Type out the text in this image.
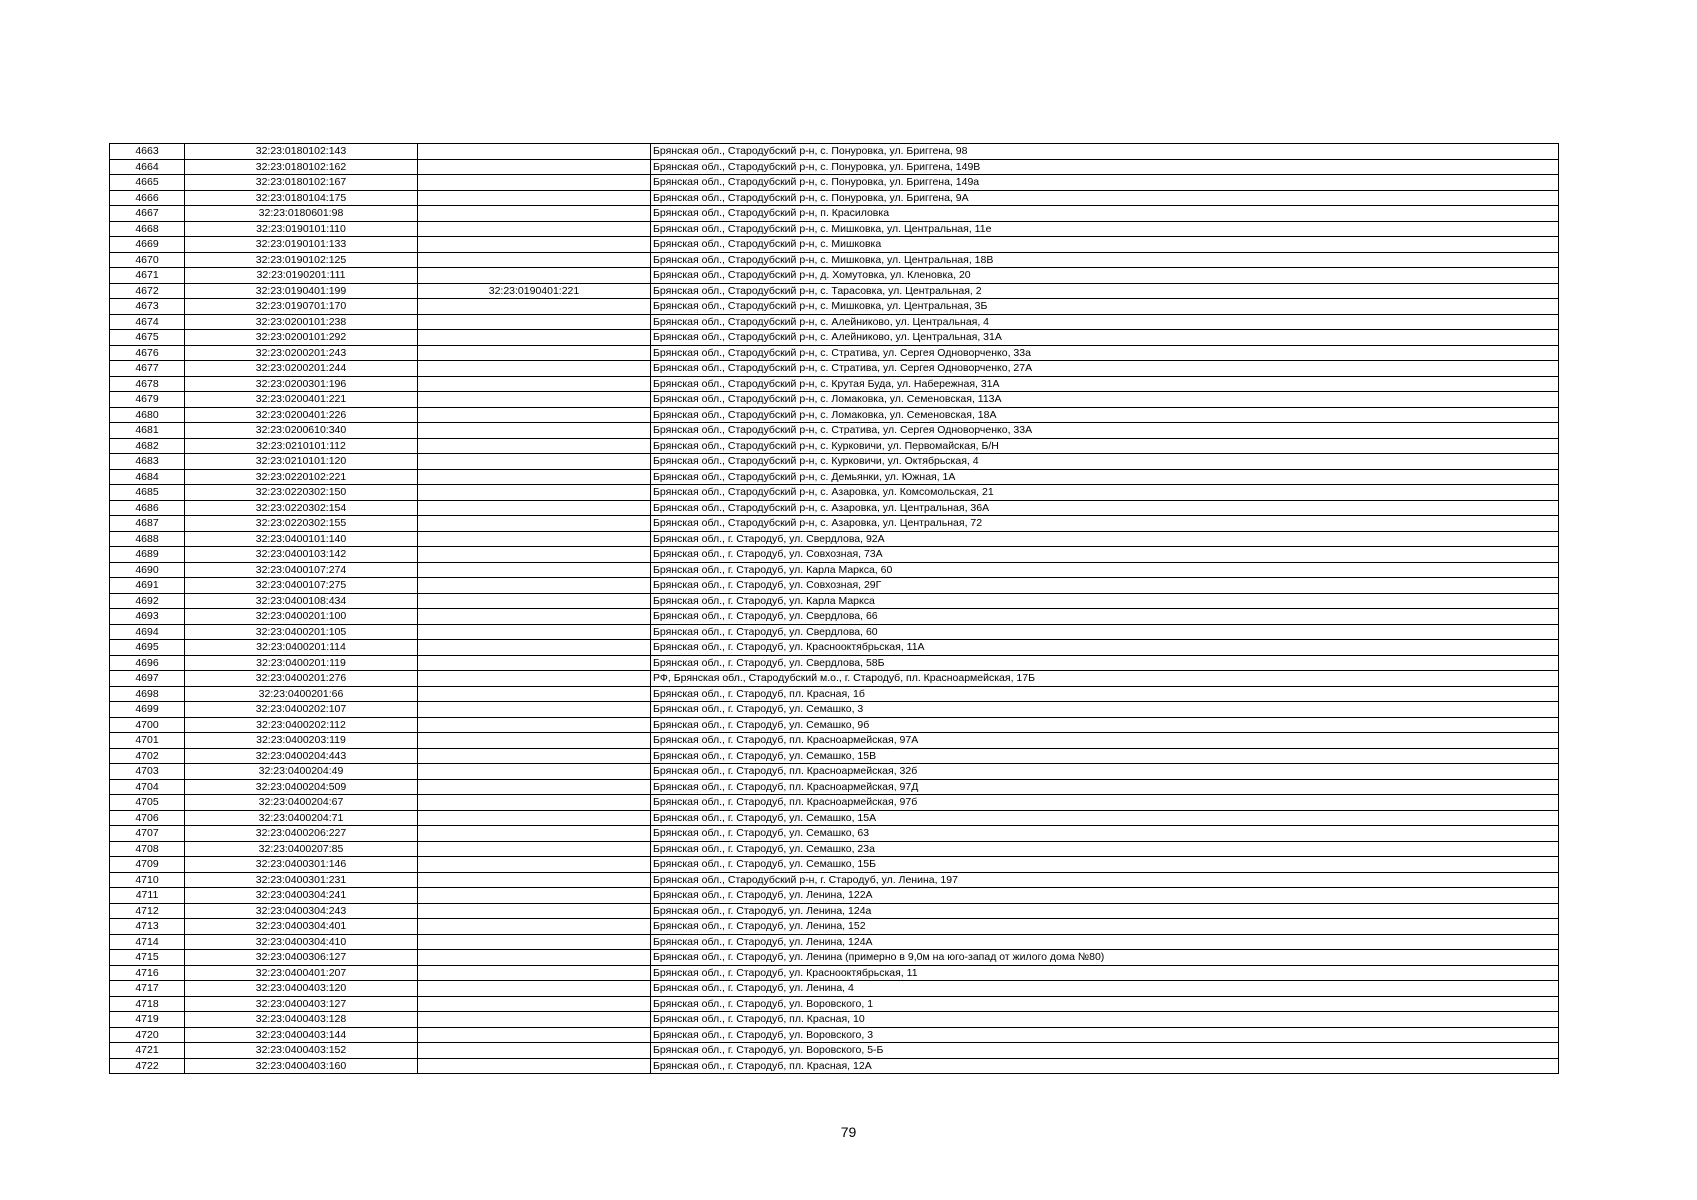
4663	32:23:0180102:143		Брянская обл., Стародубский р-н, с. Понуровка, ул. Бриггена, 98
4664	32:23:0180102:162		Брянская обл., Стародубский р-н, с. Понуровка, ул. Бриггена, 149В
4665	32:23:0180102:167		Брянская обл., Стародубский р-н, с. Понуровка, ул. Бриггена, 149а
4666	32:23:0180104:175		Брянская обл., Стародубский р-н, с. Понуровка, ул. Бриггена, 9А
4667	32:23:0180601:98		Брянская обл., Стародубский р-н, п. Красиловка
4668	32:23:0190101:110		Брянская обл., Стародубский р-н, с. Мишковка, ул. Центральная, 11е
4669	32:23:0190101:133		Брянская обл., Стародубский р-н, с. Мишковка
4670	32:23:0190102:125		Брянская обл., Стародубский р-н, с. Мишковка, ул. Центральная, 18В
4671	32:23:0190201:111		Брянская обл., Стародубский р-н, д. Хомутовка, ул. Кленовка, 20
4672	32:23:0190401:199	32:23:0190401:221	Брянская обл., Стародубский р-н, с. Тарасовка, ул. Центральная, 2
4673	32:23:0190701:170		Брянская обл., Стародубский р-н, с. Мишковка, ул. Центральная, 3Б
4674	32:23:0200101:238		Брянская обл., Стародубский р-н, с. Алейниково, ул. Центральная, 4
4675	32:23:0200101:292		Брянская обл., Стародубский р-н, с. Алейниково, ул. Центральная, 31А
4676	32:23:0200201:243		Брянская обл., Стародубский р-н, с. Стратива, ул. Сергея Одноворченко, 33а
4677	32:23:0200201:244		Брянская обл., Стародубский р-н, с. Стратива, ул. Сергея Одноворченко, 27А
4678	32:23:0200301:196		Брянская обл., Стародубский р-н, с. Крутая Буда, ул. Набережная, 31А
4679	32:23:0200401:221		Брянская обл., Стародубский р-н, с. Ломаковка, ул. Семеновская, 113А
4680	32:23:0200401:226		Брянская обл., Стародубский р-н, с. Ломаковка, ул. Семеновская, 18А
4681	32:23:0200610:340		Брянская обл., Стародубский р-н, с. Стратива, ул. Сергея Одноворченко, 33А
4682	32:23:0210101:112		Брянская обл., Стародубский р-н, с. Курковичи, ул. Первомайская, Б/Н
4683	32:23:0210101:120		Брянская обл., Стародубский р-н, с. Курковичи, ул. Октябрьская, 4
4684	32:23:0220102:221		Брянская обл., Стародубский р-н, с. Демьянки, ул. Южная, 1А
4685	32:23:0220302:150		Брянская обл., Стародубский р-н, с. Азаровка, ул. Комсомольская, 21
4686	32:23:0220302:154		Брянская обл., Стародубский р-н, с. Азаровка, ул. Центральная, 36А
4687	32:23:0220302:155		Брянская обл., Стародубский р-н, с. Азаровка, ул. Центральная, 72
4688	32:23:0400101:140		Брянская обл., г. Стародуб, ул. Свердлова, 92А
4689	32:23:0400103:142		Брянская обл., г. Стародуб, ул. Совхозная, 73А
4690	32:23:0400107:274		Брянская обл., г. Стародуб, ул. Карла Маркса, 60
4691	32:23:0400107:275		Брянская обл., г. Стародуб, ул. Совхозная, 29Г
4692	32:23:0400108:434		Брянская обл., г. Стародуб, ул. Карла Маркса
4693	32:23:0400201:100		Брянская обл., г. Стародуб, ул. Свердлова, 66
4694	32:23:0400201:105		Брянская обл., г. Стародуб, ул. Свердлова, 60
4695	32:23:0400201:114		Брянская обл., г. Стародуб, ул. Краснооктябрьская, 11А
4696	32:23:0400201:119		Брянская обл., г. Стародуб, ул. Свердлова, 58Б
4697	32:23:0400201:276		РФ, Брянская обл., Стародубский м.о., г. Стародуб, пл. Красноармейская, 17Б
4698	32:23:0400201:66		Брянская обл., г. Стародуб, пл. Красная, 1б
4699	32:23:0400202:107		Брянская обл., г. Стародуб, ул. Семашко, 3
4700	32:23:0400202:112		Брянская обл., г. Стародуб, ул. Семашко, 9б
4701	32:23:0400203:119		Брянская обл., г. Стародуб, пл. Красноармейская, 97А
4702	32:23:0400204:443		Брянская обл., г. Стародуб, ул. Семашко, 15В
4703	32:23:0400204:49		Брянская обл., г. Стародуб, пл. Красноармейская, 32б
4704	32:23:0400204:509		Брянская обл., г. Стародуб, пл. Красноармейская, 97Д
4705	32:23:0400204:67		Брянская обл., г. Стародуб, пл. Красноармейская, 97б
4706	32:23:0400204:71		Брянская обл., г. Стародуб, ул. Семашко, 15А
4707	32:23:0400206:227		Брянская обл., г. Стародуб, ул. Семашко, 63
4708	32:23:0400207:85		Брянская обл., г. Стародуб, ул. Семашко, 23а
4709	32:23:0400301:146		Брянская обл., г. Стародуб, ул. Семашко, 15Б
4710	32:23:0400301:231		Брянская обл., Стародубский р-н, г. Стародуб, ул. Ленина, 197
4711	32:23:0400304:241		Брянская обл., г. Стародуб, ул. Ленина, 122А
4712	32:23:0400304:243		Брянская обл., г. Стародуб, ул. Ленина, 124а
4713	32:23:0400304:401		Брянская обл., г. Стародуб, ул. Ленина, 152
4714	32:23:0400304:410		Брянская обл., г. Стародуб, ул. Ленина, 124А
4715	32:23:0400306:127		Брянская обл., г. Стародуб, ул. Ленина (примерно в 9,0м на юго-запад от жилого дома №80)
4716	32:23:0400401:207		Брянская обл., г. Стародуб, ул. Краснооктябрьская, 11
4717	32:23:0400403:120		Брянская обл., г. Стародуб, ул. Ленина, 4
4718	32:23:0400403:127		Брянская обл., г. Стародуб, ул. Воровского, 1
4719	32:23:0400403:128		Брянская обл., г. Стародуб, пл. Красная, 10
4720	32:23:0400403:144		Брянская обл., г. Стародуб, ул. Воровского, 3
4721	32:23:0400403:152		Брянская обл., г. Стародуб, ул. Воровского, 5-Б
4722	32:23:0400403:160		Брянская обл., г. Стародуб, пл. Красная, 12А
79
